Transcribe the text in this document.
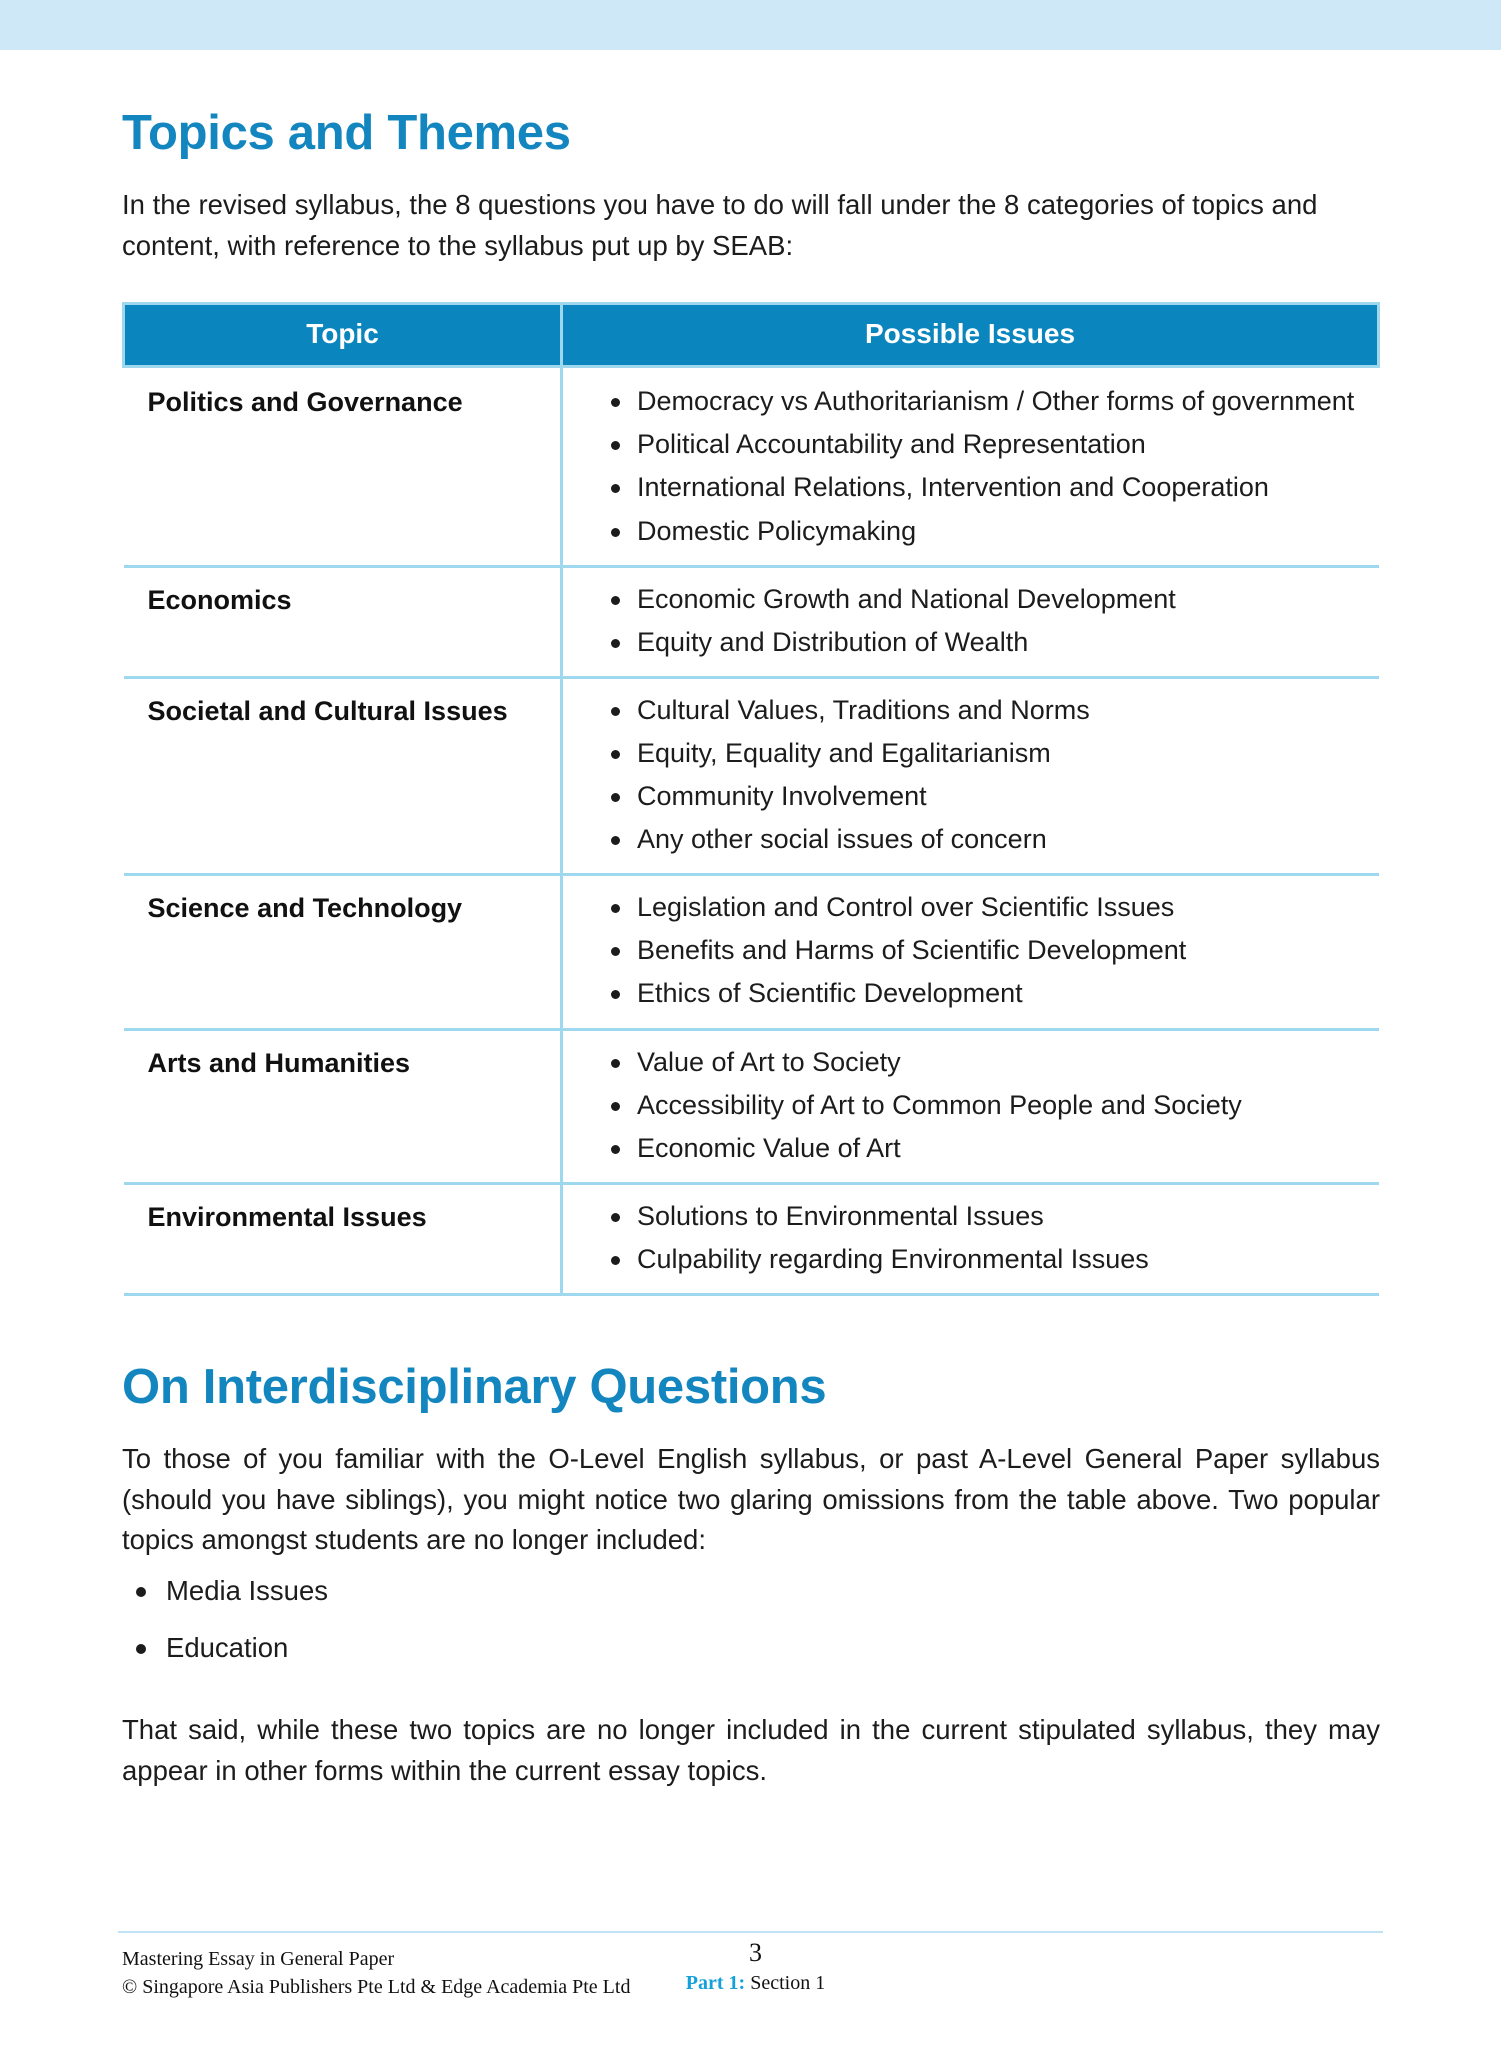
Topics and Themes

In the revised syllabus, the 8 questions you have to do will fall under the 8 categories of topics and content, with reference to the syllabus put up by SEAB:

Topic	Possible Issues
Politics and Governance	Democracy vs Authoritarianism / Other forms of government
Political Accountability and Representation
International Relations, Intervention and Cooperation
Domestic Policymaking

Economics	Economic Growth and National Development
Equity and Distribution of Wealth

Societal and Cultural Issues	Cultural Values, Traditions and Norms
Equity, Equality and Egalitarianism
Community Involvement
Any other social issues of concern

Science and Technology	Legislation and Control over Scientific Issues
Benefits and Harms of Scientific Development
Ethics of Scientific Development

Arts and Humanities	Value of Art to Society
Accessibility of Art to Common People and Society
Economic Value of Art

Environmental Issues	Solutions to Environmental Issues
Culpability regarding Environmental Issues
On Interdisciplinary Questions

To those of you familiar with the O-Level English syllabus, or past A-Level General Paper syllabus (should you have siblings), you might notice two glaring omissions from the table above. Two popular topics amongst students are no longer included:

Media Issues
Education

That said, while these two topics are no longer included in the current stipulated syllabus, they may appear in other forms within the current essay topics.

Mastering Essay in General Paper
© Singapore Asia Publishers Pte Ltd & Edge Academia Pte Ltd
3
Part 1: Section 1
